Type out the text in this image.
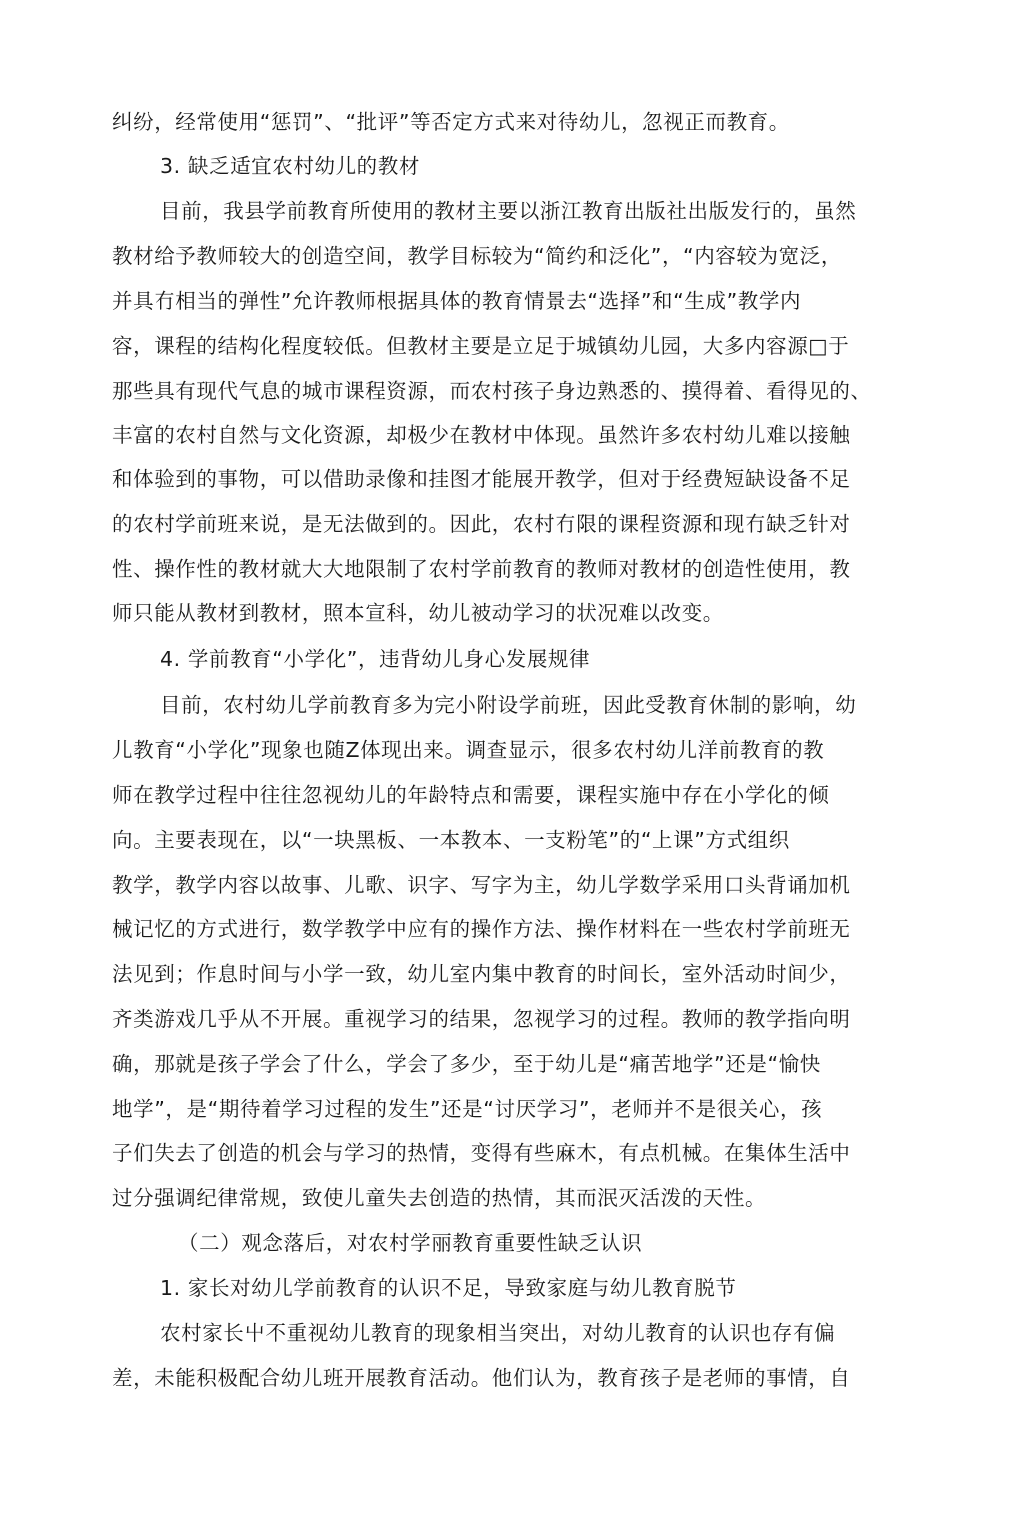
纠纷，经常使用“惩罚”、“批评”等否定方式来对待幼儿，忽视正而教育。
3. 缺乏适宜农村幼儿的教材
目前，我县学前教育所使用的教材主要以浙江教育出版社出版发行的，虽然
教材给予教师较大的创造空间，教学目标较为“简约和泛化”，“内容较为宽泛，
并具冇相当的弹性”允许教师根据具体的教育情景去“选择”和“生成”教学内
容，课程的结构化程度较低。但教材主要是立足于城镇幼儿园，大多内容源□于
那些具有现代气息的城市课程资源，而农村孩子身边熟悉的、摸得着、看得见的、
丰富的农村自然与文化资源，却极少在教材中体现。虽然许多农村幼儿难以接触
和体验到的事物，可以借助录像和挂图才能展开教学，但对于经费短缺设备不足
的农村学前班来说，是无法做到的。因此，农村冇限的课程资源和现冇缺乏针对
性、操作性的教材就大大地限制了农村学前教育的教师对教材的创造性使用，教
师只能从教材到教材，照本宣科，幼儿被动学习的状况难以改变。
4. 学前教育“小学化”，违背幼儿身心发展规律
目前，农村幼儿学前教育多为完小附设学前班，因此受教育休制的影响，幼
儿教育“小学化”现象也随Z体现出来。调查显示，很多农村幼儿洋前教育的教
师在教学过程中往往忽视幼儿的年龄特点和需要，课程实施中存在小学化的倾
向。主要表现在，以“一块黑板、一本教本、一支粉笔”的“上课”方式组织
教学，教学内容以故事、儿歌、识字、写字为主，幼儿学数学采用口头背诵加机
械记忆的方式进行，数学教学中应有的操作方法、操作材料在一些农村学前班无
法见到；作息时间与小学一致，幼儿室内集中教育的时间长，室外活动时间少，
齐类游戏几乎从不开展。重视学习的结果，忽视学习的过程。教师的教学指向明
确，那就是孩子学会了什么，学会了多少，至于幼儿是“痛苦地学”还是“愉快
地学”，是“期待着学习过程的发生”还是“讨厌学习”，老师并不是很关心，孩
子们失去了创造的机会与学习的热情，变得有些麻木，有点机械。在集体生活中
过分强调纪律常规，致使儿童失去创造的热情，其而泯灭活泼的天性。
（二）观念落后，对农村学丽教育重要性缺乏认识
1. 家长对幼儿学前教育的认识不足，导致家庭与幼儿教育脱节
农村家长屮不重视幼儿教育的现象相当突出，对幼儿教育的认识也存有偏
差，未能积极配合幼儿班开展教育活动。他们认为，教育孩子是老师的事情，自
